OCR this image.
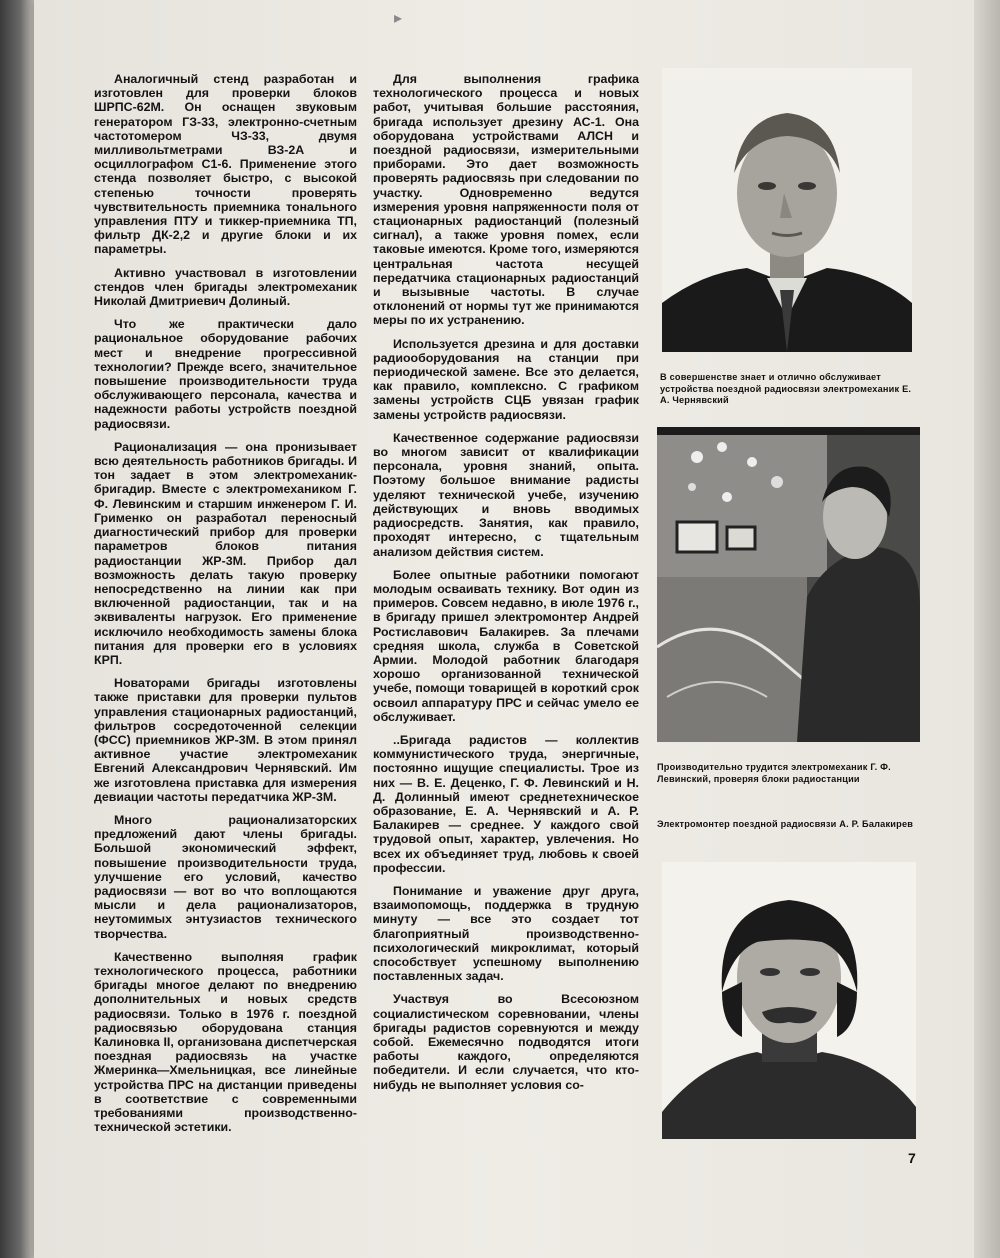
▸

Аналогичный стенд разработан и изготовлен для проверки блоков ШРПС-62М. Он оснащен звуковым генератором ГЗ-33, электронно-счетным частотомером ЧЗ-33, двумя милливольтметрами ВЗ-2А и осциллографом С1-6. Применение этого стенда позволяет быстро, с высокой степенью точности проверять чувствительность приемника тонального управления ПТУ и тиккер-приемника ТП, фильтр ДК-2,2 и другие блоки и их параметры.

Активно участвовал в изготовлении стендов член бригады электромеханик Николай Дмитриевич Долиный.

Что же практически дало рациональное оборудование рабочих мест и внедрение прогрессивной технологии? Прежде всего, значительное повышение производительности труда обслуживающего персонала, качества и надежности работы устройств поездной радиосвязи.

Рационализация — она пронизывает всю деятельность работников бригады. И тон задает в этом электромеханик-бригадир. Вместе с электромехаником Г. Ф. Левинским и старшим инженером Г. И. Грименко он разработал переносный диагностический прибор для проверки параметров блоков питания радиостанции ЖР-3М. Прибор дал возможность делать такую проверку непосредственно на линии как при включенной радиостанции, так и на эквиваленты нагрузок. Его применение исключило необходимость замены блока питания для проверки его в условиях КРП.

Новаторами бригады изготовлены также приставки для проверки пультов управления стационарных радиостанций, фильтров сосредоточенной селекции (ФСС) приемников ЖР-3М. В этом принял активное участие электромеханик Евгений Александрович Чернявский. Им же изготовлена приставка для измерения девиации частоты передатчика ЖР-3М.

Много рационализаторских предложений дают члены бригады. Большой экономический эффект, повышение производительности труда, улучшение его условий, качество радиосвязи — вот во что воплощаются мысли и дела рационализаторов, неутомимых энтузиастов технического творчества.

Качественно выполняя график технологического процесса, работники бригады многое делают по внедрению дополнительных и новых средств радиосвязи. Только в 1976 г. поездной радиосвязью оборудована станция Калиновка II, организована диспетчерская поездная радиосвязь на участке Жмеринка—Хмельницкая, все линейные устройства ПРС на дистанции приведены в соответствие с современными требованиями производственно-технической эстетики.

Для выполнения графика технологического процесса и новых работ, учитывая большие расстояния, бригада использует дрезину АС-1. Она оборудована устройствами АЛСН и поездной радиосвязи, измерительными приборами. Это дает возможность проверять радиосвязь при следовании по участку. Одновременно ведутся измерения уровня напряженности поля от стационарных радиостанций (полезный сигнал), а также уровня помех, если таковые имеются. Кроме того, измеряются центральная частота несущей передатчика стационарных радиостанций и вызывные частоты. В случае отклонений от нормы тут же принимаются меры по их устранению.

Используется дрезина и для доставки радиооборудования на станции при периодической замене. Все это делается, как правило, комплексно. С графиком замены устройств СЦБ увязан график замены устройств радиосвязи.

Качественное содержание радиосвязи во многом зависит от квалификации персонала, уровня знаний, опыта. Поэтому большое внимание радисты уделяют технической учебе, изучению действующих и вновь вводимых радиосредств. Занятия, как правило, проходят интересно, с тщательным анализом действия систем.

Более опытные работники помогают молодым осваивать технику. Вот один из примеров. Совсем недавно, в июле 1976 г., в бригаду пришел электромонтер Андрей Ростиславович Балакирев. За плечами средняя школа, служба в Советской Армии. Молодой работник благодаря хорошо организованной технической учебе, помощи товарищей в короткий срок освоил аппаратуру ПРС и сейчас умело ее обслуживает.

..Бригада радистов — коллектив коммунистического труда, энергичные, постоянно ищущие специалисты. Трое из них — В. Е. Деценко, Г. Ф. Левинский и Н. Д. Долинный имеют среднетехническое образование, Е. А. Чернявский и А. Р. Балакирев — среднее. У каждого свой трудовой опыт, характер, увлечения. Но всех их объединяет труд, любовь к своей профессии.

Понимание и уважение друг друга, взаимопомощь, поддержка в трудную минуту — все это создает тот благоприятный производственно-психологический микроклимат, который способствует успешному выполнению поставленных задач.

Участвуя во Всесоюзном социалистическом соревновании, члены бригады радистов соревнуются и между собой. Ежемесячно подводятся итоги работы каждого, определяются победители. И если случается, что кто-нибудь не выполняет условия со-

В совершенстве знает и отлично обслуживает устройства поездной радиосвязи электромеханик Е. А. Чернявский
Производительно трудится электромеханик Г. Ф. Левинский, проверяя блоки радиостанции
Электромонтер поездной радиосвязи А. Р. Балакирев
7
